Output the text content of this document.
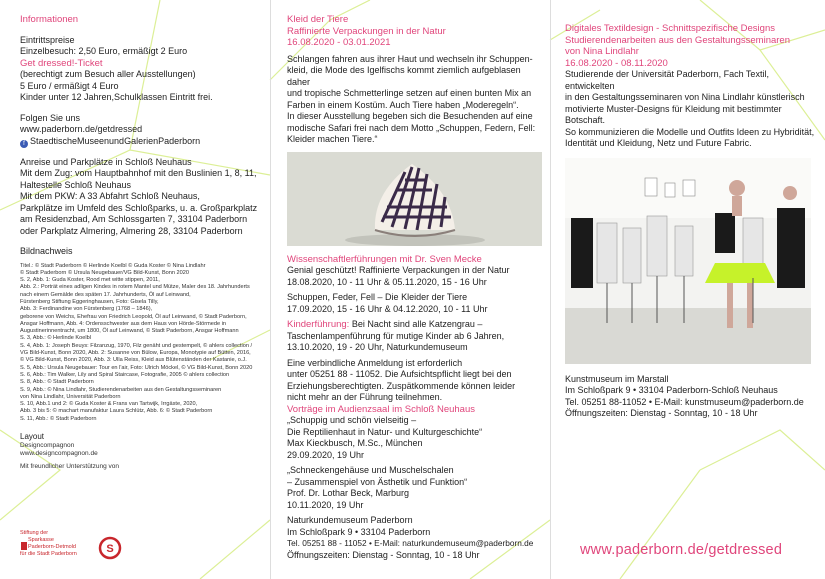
Informationen
Eintrittspreise
Einzelbesuch: 2,50 Euro, ermäßigt 2 Euro
Get dressed!-Ticket
(berechtigt zum Besuch aller Ausstellungen)
5 Euro / ermäßigt 4 Euro
Kinder unter 12 Jahren,Schulklassen Eintritt frei.
Folgen Sie uns
www.paderborn.de/getdressed
f StaedtischeMuseenundGalerienPaderborn
Anreise und Parkplätze in Schloß Neuhaus
Mit dem Zug: vom Hauptbahnhof mit den Buslinien 1, 8, 11,
Haltestelle Schloß Neuhaus
Mit dem PKW: A 33 Abfahrt Schloß Neuhaus,
Parkplätze im Umfeld des Schloßparks, u. a. Großparkplatz
am Residenzbad, Am Schlossgarten 7, 33104 Paderborn
oder Parkplatz Almering, Almering 28, 33104 Paderborn
Bildnachweis
Titel.: © Stadt Paderborn © Herlinde Koelbl © Guda Koster © Nina Lindlahr
© Stadt Paderborn © Ursula Neugebauer/VG Bild-Kunst, Bonn 2020
S. 2, Abb. 1: Guda Koster, Rood met witte stippen, 2011,
Abb. 2.: Porträt eines adligen Kindes in rotem Mantel und Mütze, Maler des 18. Jahrhunderts
nach einem Gemälde des späten 17. Jahrhunderts, Öl auf Leinwand,
Fürstenberg Stiftung Eggeringhausen, Foto: Gisela Tilly,
Abb. 3: Ferdinandine von Fürstenberg (1768 – 1846),
geborene von Weichs, Ehefrau von Friedrich Leopold, Öl auf Leinwand, © Stadt Paderborn,
Ansgar Hoffmann, Abb. 4: Ordensschwester aus dem Haus von Hörde-Störmede in
Augustinerinnentracht, um 1800, Öl auf Leinwand, © Stadt Paderborn, Ansgar Hoffmann
S. 3, Abb.: © Herlinde Koelbl
S. 4, Abb. 1: Joseph Beuys: Filzanzug, 1970, Filz genäht und gestempelt, © ahlers collection /
VG Bild-Kunst, Bonn 2020, Abb. 2: Susanne von Bülow, Europa, Monotypie auf Bütten, 2016,
© VG Bild-Kunst, Bonn 2020, Abb. 3: Ulla Reiss, Kleid aus Blütenständen der Kastanie, o.J.
S. 5, Abb.: Ursula Neugebauer: Tour en l'air, Foto: Ulrich Möckel, © VG Bild-Kunst, Bonn 2020
S. 6, Abb.: Tim Walker, Lily and Spiral Staircase, Fotografie, 2005 © ahlers collection
S. 8, Abb.: © Stadt Paderborn
S. 9, Abb.: © Nina Lindlahr, Studierendenarbeiten aus den Gestaltungsseminaren
von Nina Lindlahr, Universität Paderborn
S. 10, Abb.1 und 2: © Guda Koster & Frans van Tartwijk, Irrgäste, 2020,
Abb. 3 bis 5: © machart manufaktur Laura Schlütz, Abb. 6: © Stadt Paderborn
S. 11, Abb.: © Stadt Paderborn
Layout
Designcompagnon
www.designcompagnon.de
Mit freundlicher Unterstützung von
Stiftung der
Sparkasse
Paderborn-Detmold
für die Stadt Paderborn	S
Kleid der Tiere
Raffinierte Verpackungen in der Natur
16.08.2020 - 03.01.2021
Schlangen fahren aus ihrer Haut und wechseln ihr Schuppen-
kleid, die Mode des Igelfischs kommt ziemlich aufgeblasen daher
und tropische Schmetterlinge setzen auf einen bunten Mix an
Farben in einem Kostüm. Auch Tiere haben „Moderegeln“.
In dieser Ausstellung begeben sich die Besuchenden auf eine
modische Safari frei nach dem Motto „Schuppen, Federn, Fell:
Kleider machen Tiere.“
Wissenschaftlerführungen mit Dr. Sven Mecke
Genial geschützt! Raffinierte Verpackungen in der Natur
18.08.2020, 10 - 11 Uhr & 05.11.2020, 15 - 16 Uhr
Schuppen, Feder, Fell – Die Kleider der Tiere
17.09.2020, 15 - 16 Uhr & 04.12.2020, 10 - 11 Uhr
Kinderführung: Bei Nacht sind alle Katzengrau –
Taschenlampenführung für mutige Kinder ab 6 Jahren,
13.10.2020, 19 - 20 Uhr, Naturkundemuseum
Eine verbindliche Anmeldung ist erforderlich
unter 05251 88 - 11052. Die Aufsichtspflicht liegt bei den
Erziehungsberechtigten. Zuspätkommende können leider
nicht mehr an der Führung teilnehmen.
Vorträge im Audienzsaal im Schloß Neuhaus
„Schuppig und schön vielseitig –
Die Reptilienhaut in Natur- und Kulturgeschichte“
Max Kieckbusch, M.Sc., München
29.09.2020, 19 Uhr
„Schneckengehäuse und Muschelschalen
– Zusammenspiel von Ästhetik und Funktion“
Prof. Dr. Lothar Beck, Marburg
10.11.2020, 19 Uhr
Naturkundemuseum Paderborn
Im Schloßpark 9 • 33104 Paderborn
Tel. 05251 88 - 11052 • E-Mail: naturkundemuseum@paderborn.de
Öffnungszeiten: Dienstag - Sonntag, 10 - 18 Uhr
Digitales Textildesign - Schnittspezifische Designs
Studierendenarbeiten aus den Gestaltungsseminaren
von Nina Lindlahr
16.08.2020 - 08.11.2020
Studierende der Universität Paderborn, Fach Textil, entwickelten
in den Gestaltungsseminaren von Nina Lindlahr künstlerisch
motivierte Muster-Designs für Kleidung mit bestimmter Botschaft.
So kommunizieren die Modelle und Outfits Ideen zu Hybridität,
Identität und Kleidung, Netz und Future Fabric.
Kunstmuseum im Marstall
Im Schloßpark 9 • 33104 Paderborn-Schloß Neuhaus
Tel. 05251 88-11052 • E-Mail: kunstmuseum@paderborn.de
Öffnungszeiten: Dienstag - Sonntag, 10 - 18 Uhr
www.paderborn.de/getdressed
